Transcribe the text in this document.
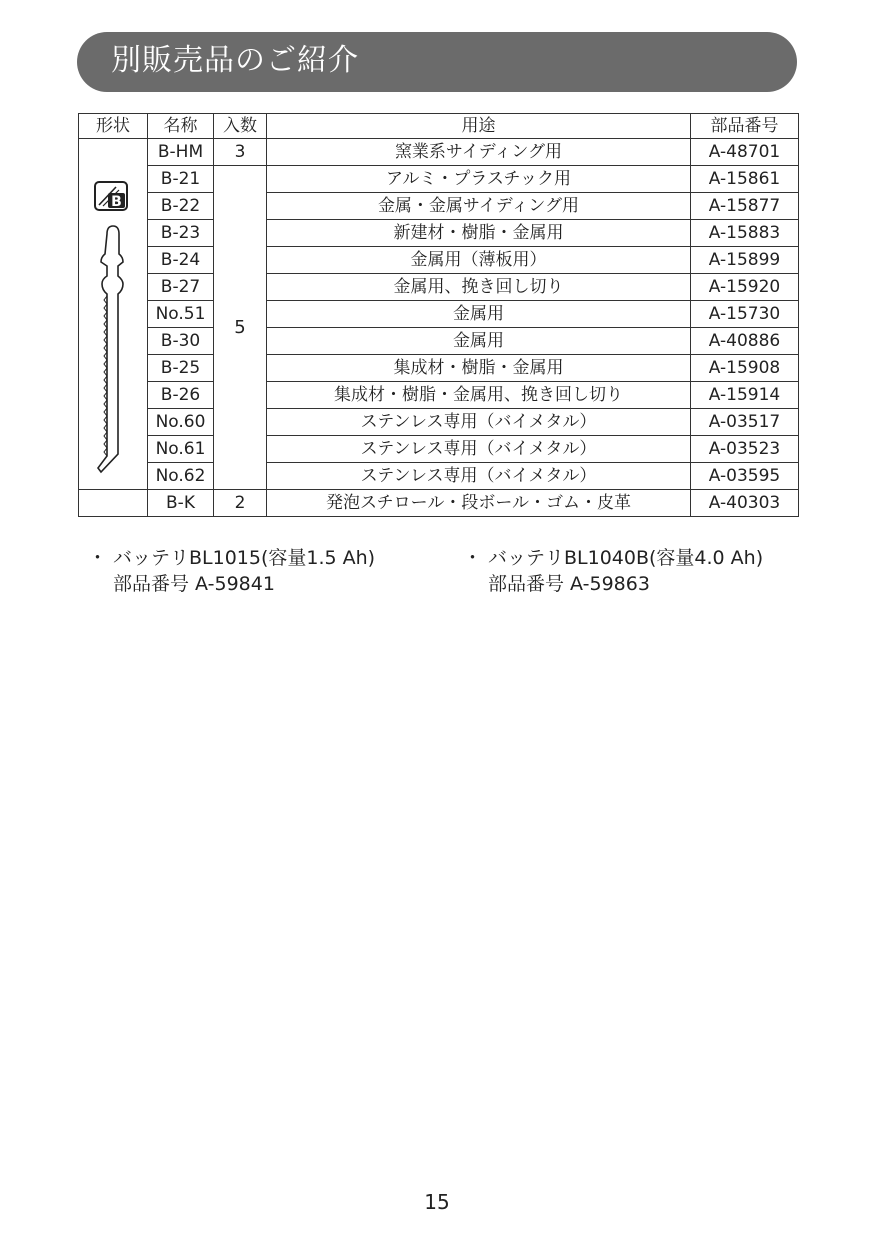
別販売品のご紹介
形状	名称	入数	用途	部品番号

B	B-HM	3	窯業系サイディング用	A-48701
	B-21	5	アルミ・プラスチック用	A-15861
	B-22		金属・金属サイディング用	A-15877
	B-23		新建材・樹脂・金属用	A-15883
	B-24		金属用（薄板用）	A-15899
	B-27		金属用、挽き回し切り	A-15920
	No.51		金属用	A-15730
	B-30		金属用	A-40886
	B-25		集成材・樹脂・金属用	A-15908
	B-26		集成材・樹脂・金属用、挽き回し切り	A-15914
	No.60		ステンレス専用（バイメタル）	A-03517
	No.61		ステンレス専用（バイメタル）	A-03523
	No.62		ステンレス専用（バイメタル）	A-03595
	B-K	2	発泡スチロール・段ボール・ゴム・皮革	A-40303
・ バッテリBL1015(容量1.5 Ah)
部品番号 A-59841
・ バッテリBL1040B(容量4.0 Ah)
部品番号 A-59863
15
